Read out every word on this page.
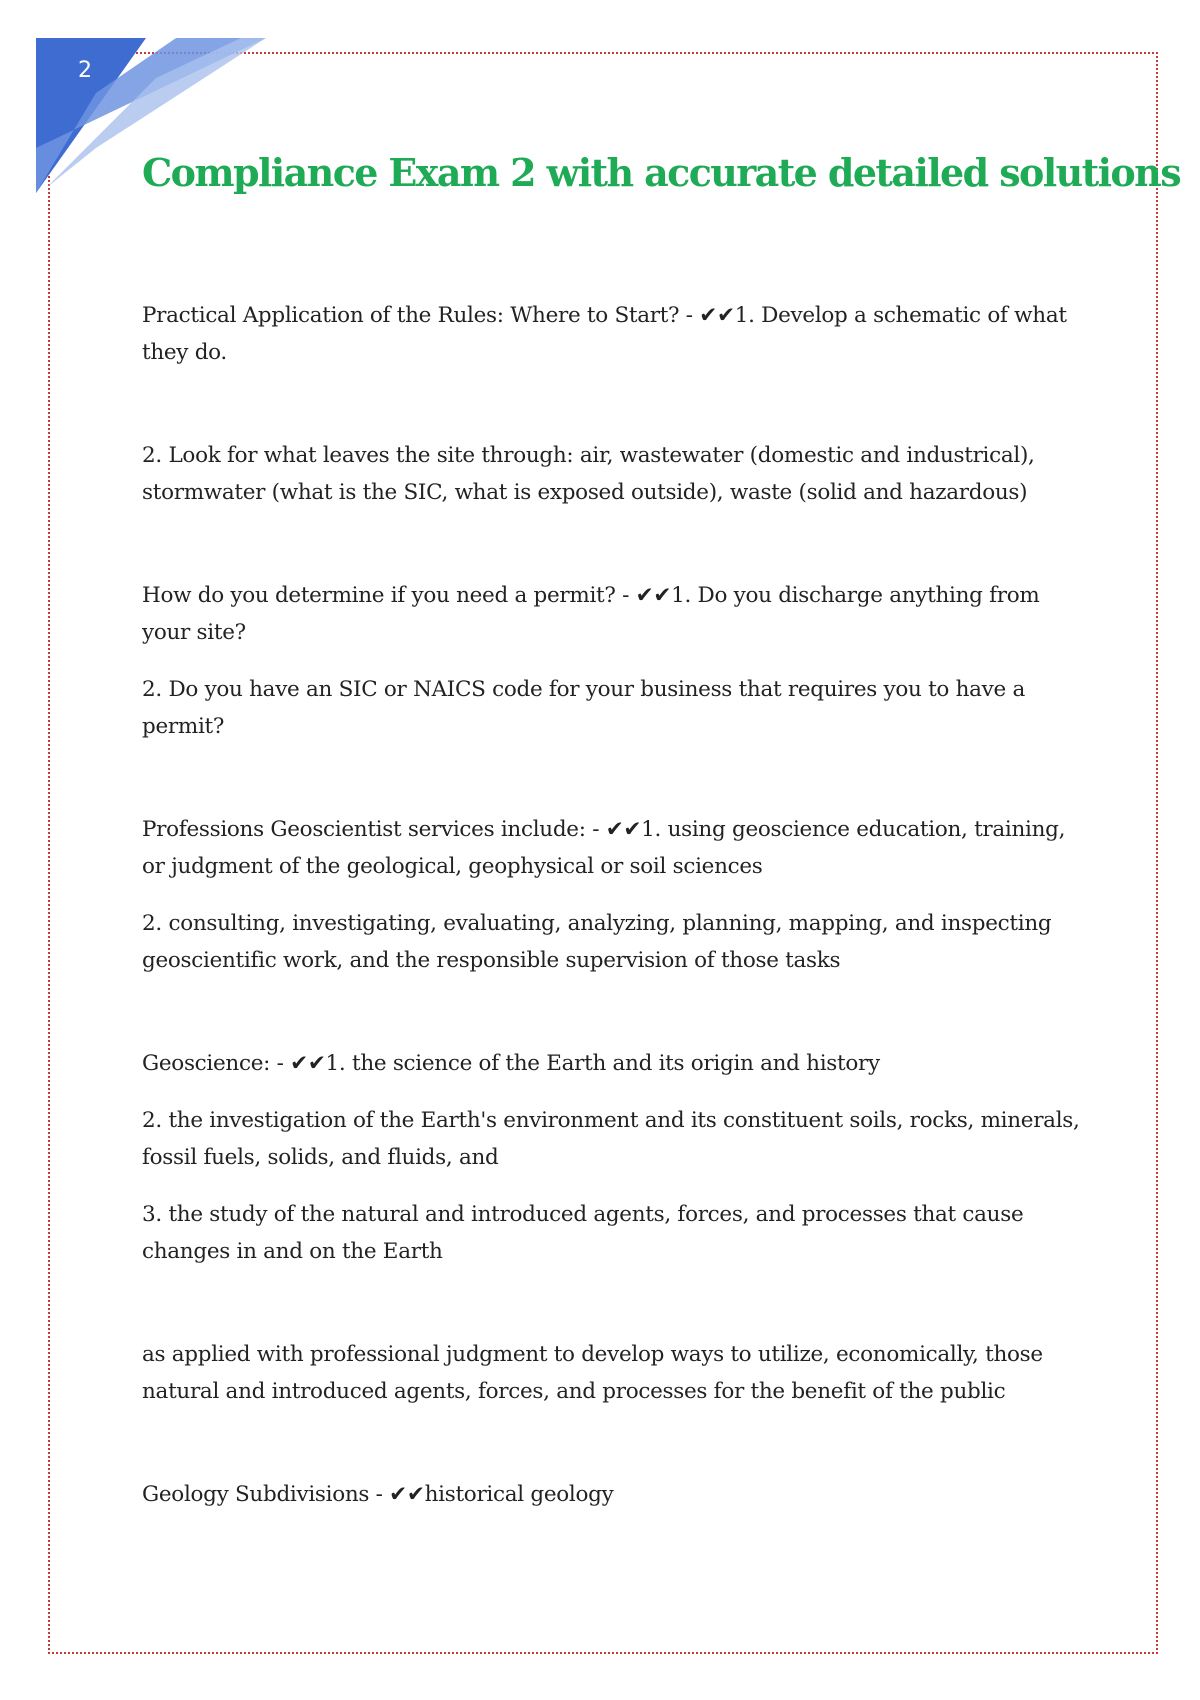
2
Compliance Exam 2 with accurate detailed solutions

Practical Application of the Rules: Where to Start? - ✔✔1. Develop a schematic of what they do.

2. Look for what leaves the site through: air, wastewater (domestic and industrical), stormwater (what is the SIC, what is exposed outside), waste (solid and hazardous)

How do you determine if you need a permit? - ✔✔1. Do you discharge anything from your site?

2. Do you have an SIC or NAICS code for your business that requires you to have a permit?

Professions Geoscientist services include: - ✔✔1. using geoscience education, training, or judgment of the geological, geophysical or soil sciences

2. consulting, investigating, evaluating, analyzing, planning, mapping, and inspecting geoscientific work, and the responsible supervision of those tasks

Geoscience: - ✔✔1. the science of the Earth and its origin and history

2. the investigation of the Earth's environment and its constituent soils, rocks, minerals, fossil fuels, solids, and fluids, and

3. the study of the natural and introduced agents, forces, and processes that cause changes in and on the Earth

as applied with professional judgment to develop ways to utilize, economically, those natural and introduced agents, forces, and processes for the benefit of the public

Geology Subdivisions - ✔✔historical geology
